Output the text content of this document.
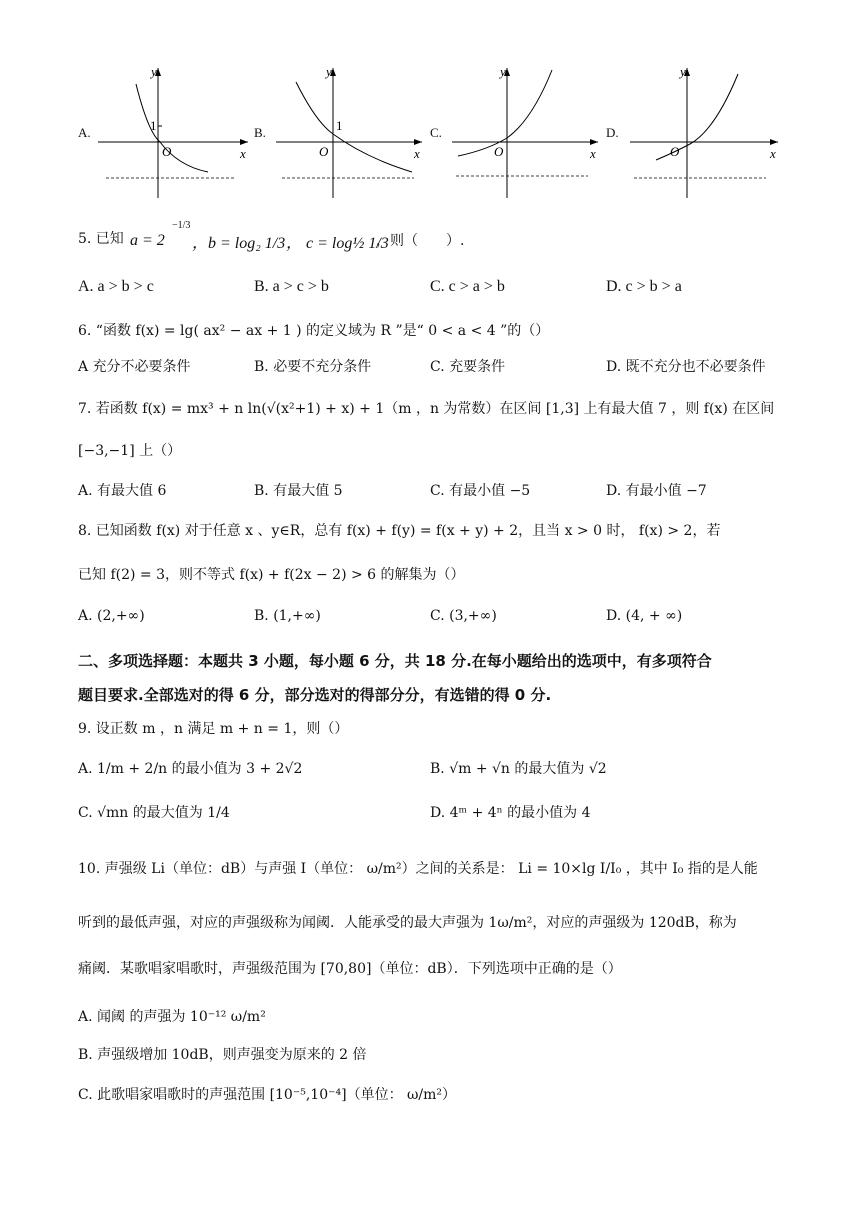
A.
y
x
O
1	B.
y
x
O
1	C.
y
x
O
D.
y
x
O
5. 已知 a = 2
−1/3
，b = log₂ 1/3 ， c = log½ 1/3
，则（　　）.
A. a > b > c	B. a > c > b	C. c > a > b	D. c > b > a
6. “函数 f(x) = lg( ax² − ax + 1 ) 的定义域为 R ”是“ 0 < a < 4 ”的（）
A 充分不必要条件	B. 必要不充分条件	C. 充要条件	D. 既不充分也不必要条件
7. 若函数 f(x) = mx³ + n ln(√(x²+1) + x) + 1（m ，n 为常数）在区间 [1,3] 上有最大值 7 ，则 f(x) 在区间
[−3,−1] 上（）
A. 有最大值 6	B. 有最大值 5	C. 有最小值 −5	D. 有最小值 −7
8. 已知函数 f(x) 对于任意 x 、y∈R，总有 f(x) + f(y) = f(x + y) + 2，且当 x > 0 时， f(x) > 2，若
已知 f(2) = 3，则不等式 f(x) + f(2x − 2) > 6 的解集为（）
A. (2,+∞)	B. (1,+∞)	C. (3,+∞)	D. (4, + ∞)
二、多项选择题：本题共 3 小题，每小题 6 分，共 18 分.在每小题给出的选项中，有多项符合
题目要求.全部选对的得 6 分，部分选对的得部分分，有选错的得 0 分.
9. 设正数 m ，n 满足 m + n = 1，则（）
A. 1/m + 2/n 的最小值为 3 + 2√2	B. √m + √n 的最大值为 √2
C. √mn 的最大值为 1/4	D. 4ᵐ + 4ⁿ 的最小值为 4
10. 声强级 Li（单位：dB）与声强 I（单位： ω/m²）之间的关系是： Li = 10×lg I/I₀ ，其中 I₀ 指的是人能
听到的最低声强，对应的声强级称为闻阈．人能承受的最大声强为 1ω/m²，对应的声强级为 120dB，称为
痛阈．某歌唱家唱歌时，声强级范围为 [70,80]（单位：dB）．下列选项中正确的是（）
A. 闻阈 的声强为 10⁻¹² ω/m²
B. 声强级增加 10dB，则声强变为原来的 2 倍
C. 此歌唱家唱歌时的声强范围 [10⁻⁵,10⁻⁴]（单位： ω/m²）
